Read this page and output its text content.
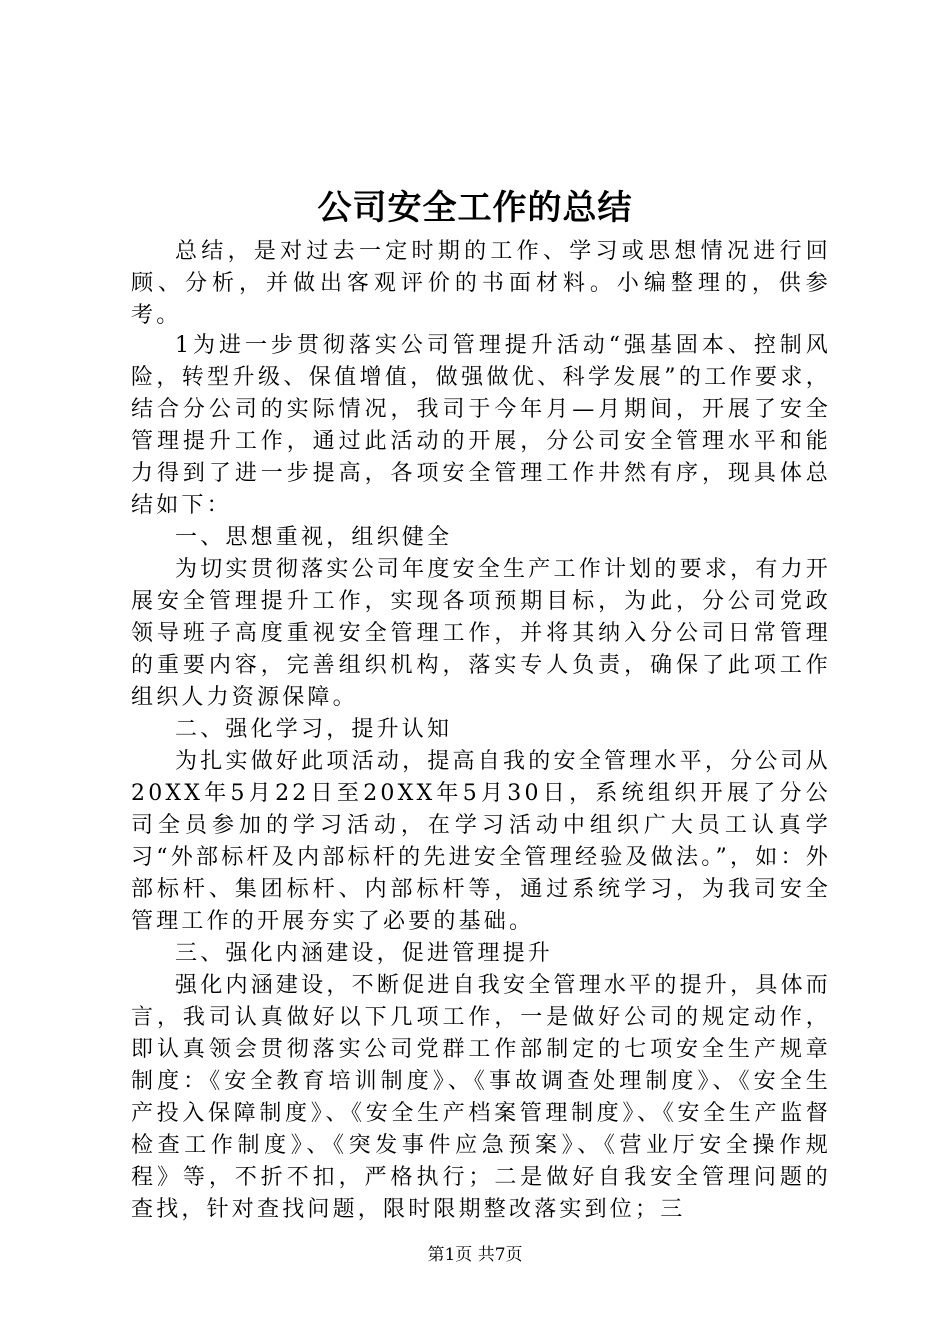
公司安全工作的总结

总结，是对过去一定时期的工作、学习或思想情况进行回顾、分析，并做出客观评价的书面材料。小编整理的，供参考。

1为进一步贯彻落实公司管理提升活动“强基固本、控制风险，转型升级、保值增值，做强做优、科学发展”的工作要求，结合分公司的实际情况，我司于今年月—月期间，开展了安全管理提升工作，通过此活动的开展，分公司安全管理水平和能力得到了进一步提高，各项安全管理工作井然有序，现具体总结如下：

一、思想重视，组织健全

为切实贯彻落实公司年度安全生产工作计划的要求，有力开展安全管理提升工作，实现各项预期目标，为此，分公司党政领导班子高度重视安全管理工作，并将其纳入分公司日常管理的重要内容，完善组织机构，落实专人负责，确保了此项工作组织人力资源保障。

二、强化学习，提升认知

为扎实做好此项活动，提高自我的安全管理水平，分公司从20XX年5月22日至20XX年5月30日，系统组织开展了分公司全员参加的学习活动，在学习活动中组织广大员工认真学习“外部标杆及内部标杆的先进安全管理经验及做法。”，如：外部标杆、集团标杆、内部标杆等，通过系统学习，为我司安全管理工作的开展夯实了必要的基础。

三、强化内涵建设，促进管理提升

强化内涵建设，不断促进自我安全管理水平的提升，具体而言，我司认真做好以下几项工作，一是做好公司的规定动作，即认真领会贯彻落实公司党群工作部制定的七项安全生产规章制度：《安全教育培训制度》、《事故调查处理制度》、《安全生产投入保障制度》、《安全生产档案管理制度》、《安全生产监督检查工作制度》、《突发事件应急预案》、《营业厅安全操作规程》等，不折不扣，严格执行；二是做好自我安全管理问题的查找，针对查找问题，限时限期整改落实到位；三

第1页 共7页
